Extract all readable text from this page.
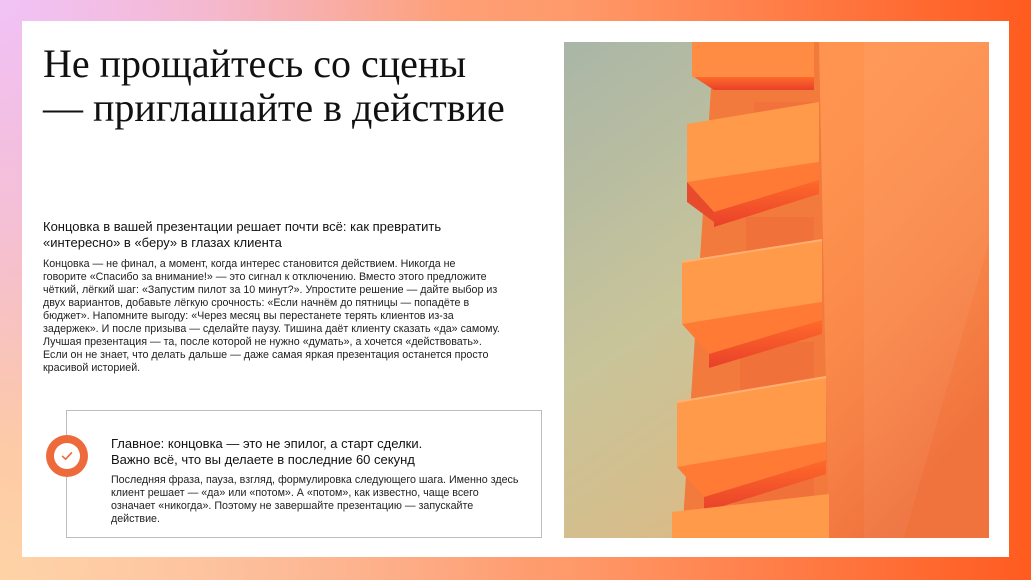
Не прощайтесь со сцены — приглашайте в действие

Концовка в вашей презентации решает почти всё: как превратить «интересно» в «беру» в глазах клиента

Концовка — не финал, а момент, когда интерес становится действием. Никогда не говорите «Спасибо за внимание!» — это сигнал к отключению. Вместо этого предложите чёткий, лёгкий шаг: «Запустим пилот за 10 минут?». Упростите решение — дайте выбор из двух вариантов, добавьте лёгкую срочность: «Если начнём до пятницы — попадёте в бюджет». Напомните выгоду: «Через месяц вы перестанете терять клиентов из-за задержек». И после призыва — сделайте паузу. Тишина даёт клиенту сказать «да» самому. Лучшая презентация — та, после которой не нужно «думать», а хочется «действовать». Если он не знает, что делать дальше — даже самая яркая презентация останется просто красивой историей.

Главное: концовка — это не эпилог, а старт сделки.
Важно всё, что вы делаете в последние 60 секунд

Последняя фраза, пауза, взгляд, формулировка следующего шага. Именно здесь клиент решает — «да» или «потом». А «потом», как известно, чаще всего означает «никогда». Поэтому не завершайте презентацию — запускайте действие.
